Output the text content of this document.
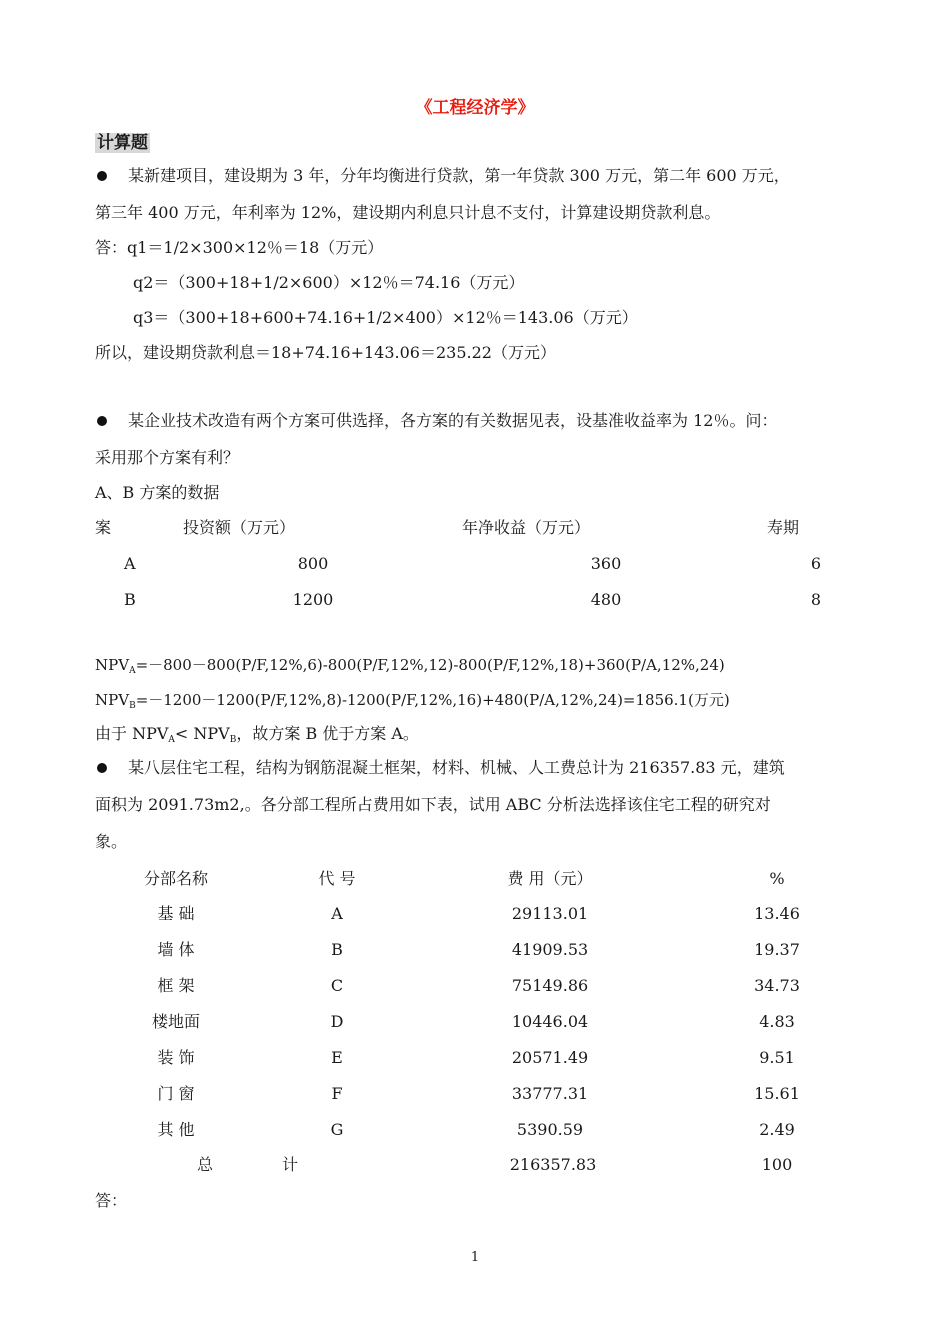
《工程经济学》
计算题
某新建项目，建设期为 3 年，分年均衡进行贷款，第一年贷款 300 万元，第二年 600 万元，
第三年 400 万元，年利率为 12%，建设期内利息只计息不支付，计算建设期贷款利息。
答：q1＝1/2×300×12％＝18（万元）
q2＝（300+18+1/2×600）×12％＝74.16（万元）
q3＝（300+18+600+74.16+1/2×400）×12％＝143.06（万元）
所以，建设期贷款利息＝18+74.16+143.06＝235.22（万元）
某企业技术改造有两个方案可供选择，各方案的有关数据见表，设基准收益率为 12％。问：
采用那个方案有利？
A、B 方案的数据
案	投资额（万元）	年净收益（万元）	寿期
A	800	360	6
B	1200	480	8
$NPV_A=-800-800(P/F,12\%,6)-800(P/F,12\%,12)-800(P/F,12\%,18)+360(P/A,12\%,24)$
$NPV_B=-1200-1200(P/F,12\%,8)-1200(P/F,12\%,16)+480(P/A,12\%,24)=1856.1$(万元)
由于 $NPV_A< NPV_B$，故方案 B 优于方案 A。
某八层住宅工程，结构为钢筋混凝土框架，材料、机械、人工费总计为 216357.83 元，建筑
面积为 2091.73m2,。各分部工程所占费用如下表，试用 ABC 分析法选择该住宅工程的研究对
象。
分部名称	代 号	费 用（元）	%
基 础	A	29113.01	13.46
墙 体	B	41909.53	19.37
框 架	C	75149.86	34.73
楼地面	D	10446.04	4.83
装 饰	E	20571.49	9.51
门 窗	F	33777.31	15.61
其 他	G	5390.59	2.49
总	计	216357.83	100
答：
1
